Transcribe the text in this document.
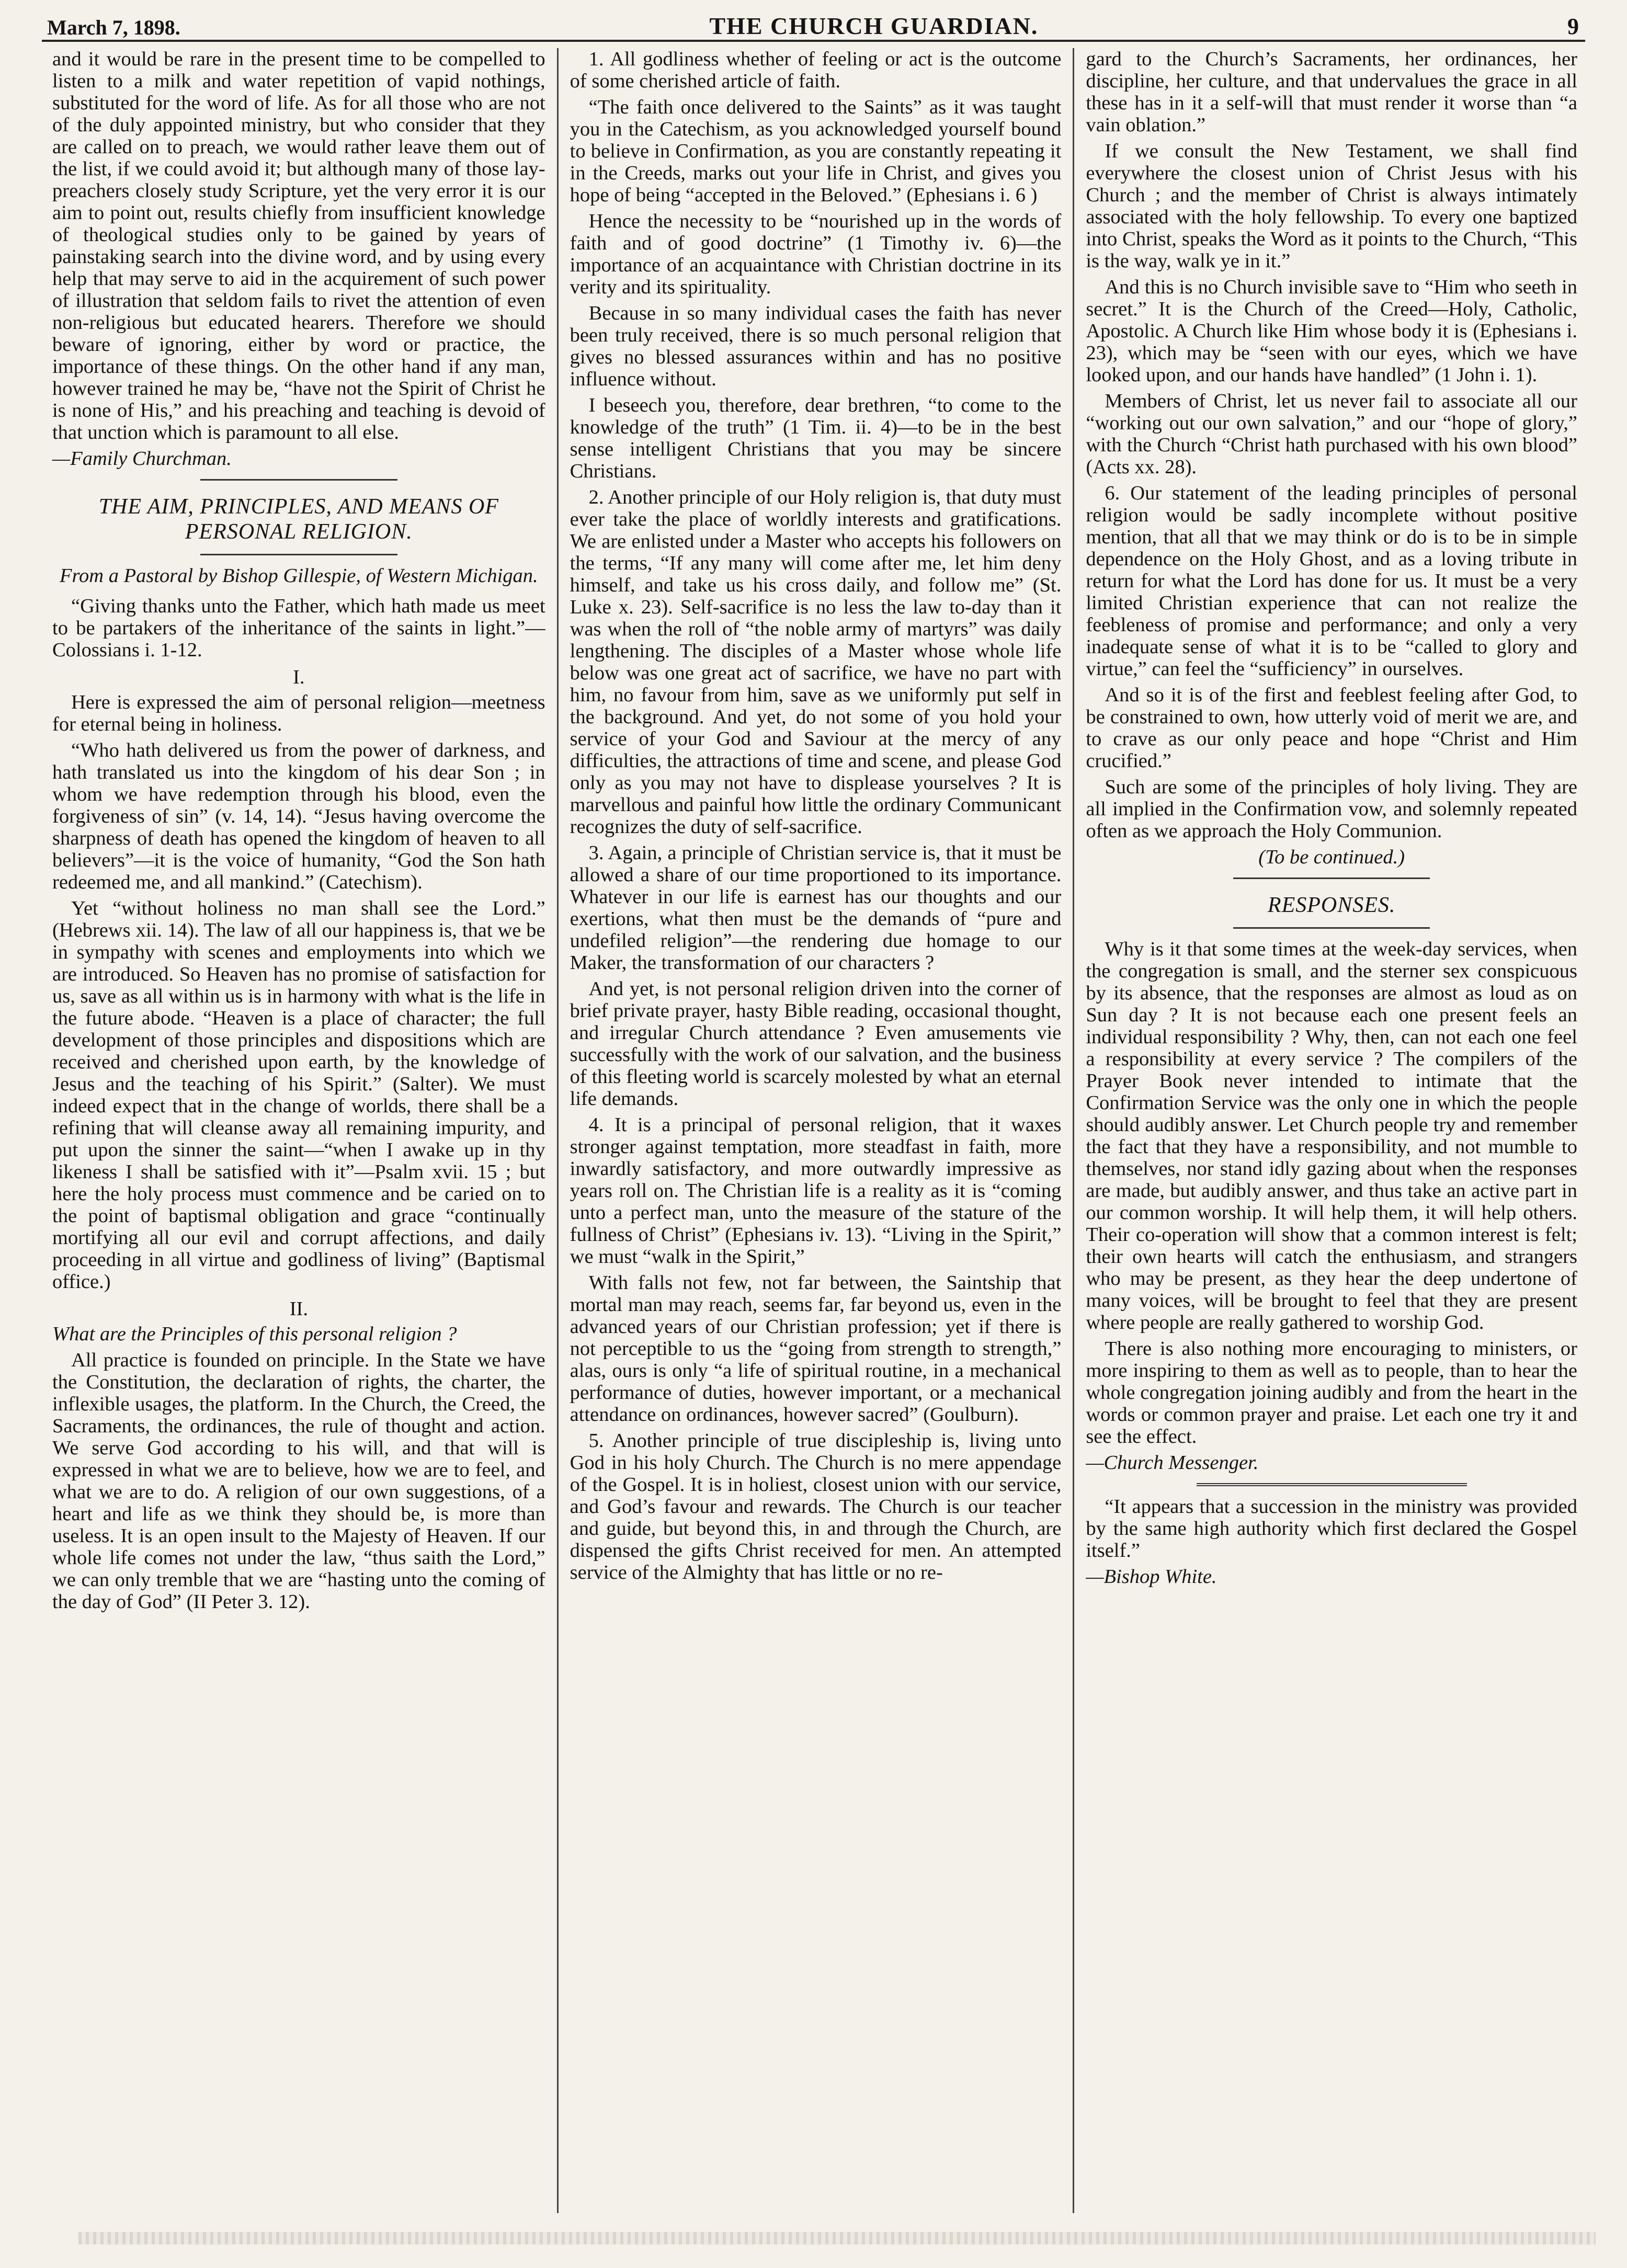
March 7, 1898.	THE CHURCH GUARDIAN.	9

and it would be rare in the present time to be compelled to listen to a milk and water repetition of vapid nothings, substituted for the word of life. As for all those who are not of the duly appointed ministry, but who consider that they are called on to preach, we would rather leave them out of the list, if we could avoid it; but although many of those lay-preachers closely study Scripture, yet the very error it is our aim to point out, results chiefly from insufficient knowledge of theological studies only to be gained by years of painstaking search into the divine word, and by using every help that may serve to aid in the acquirement of such power of illustration that seldom fails to rivet the attention of even non-religious but educated hearers. Therefore we should beware of ignoring, either by word or practice, the importance of these things. On the other hand if any man, however trained he may be, “have not the Spirit of Christ he is none of His,” and his preaching and teaching is devoid of that unction which is paramount to all else.

—Family Churchman.

THE AIM, PRINCIPLES, AND MEANS OF PERSONAL RELIGION.

From a Pastoral by Bishop Gillespie, of Western Michigan.

“Giving thanks unto the Father, which hath made us meet to be partakers of the inheritance of the saints in light.”—Colossians i. 1-12.

I.

Here is expressed the aim of personal religion—meetness for eternal being in holiness.

“Who hath delivered us from the power of darkness, and hath translated us into the kingdom of his dear Son ; in whom we have redemption through his blood, even the forgiveness of sin” (v. 14, 14). “Jesus having overcome the sharpness of death has opened the kingdom of heaven to all believers”—it is the voice of humanity, “God the Son hath redeemed me, and all mankind.” (Catechism).

Yet “without holiness no man shall see the Lord.” (Hebrews xii. 14). The law of all our happiness is, that we be in sympathy with scenes and employments into which we are introduced. So Heaven has no promise of satisfaction for us, save as all within us is in harmony with what is the life in the future abode. “Heaven is a place of character; the full development of those principles and dispositions which are received and cherished upon earth, by the knowledge of Jesus and the teaching of his Spirit.” (Salter). We must indeed expect that in the change of worlds, there shall be a refining that will cleanse away all remaining impurity, and put upon the sinner the saint—“when I awake up in thy likeness I shall be satisfied with it”—Psalm xvii. 15 ; but here the holy process must commence and be caried on to the point of baptismal obligation and grace “continually mortifying all our evil and corrupt affections, and daily proceeding in all virtue and godliness of living” (Baptismal office.)

II.

What are the Principles of this personal religion ?

All practice is founded on principle. In the State we have the Constitution, the declaration of rights, the charter, the inflexible usages, the platform. In the Church, the Creed, the Sacraments, the ordinances, the rule of thought and action. We serve God according to his will, and that will is expressed in what we are to believe, how we are to feel, and what we are to do. A religion of our own suggestions, of a heart and life as we think they should be, is more than useless. It is an open insult to the Majesty of Heaven. If our whole life comes not under the law, “thus saith the Lord,” we can only tremble that we are “hasting unto the coming of the day of God” (II Peter 3. 12).

1. All godliness whether of feeling or act is the outcome of some cherished article of faith.

“The faith once delivered to the Saints” as it was taught you in the Catechism, as you acknowledged yourself bound to believe in Confirmation, as you are constantly repeating it in the Creeds, marks out your life in Christ, and gives you hope of being “accepted in the Beloved.” (Ephesians i. 6 )

Hence the necessity to be “nourished up in the words of faith and of good doctrine” (1 Timothy iv. 6)—the importance of an acquaintance with Christian doctrine in its verity and its spirituality.

Because in so many individual cases the faith has never been truly received, there is so much personal religion that gives no blessed assurances within and has no positive influence without.

I beseech you, therefore, dear brethren, “to come to the knowledge of the truth” (1 Tim. ii. 4)—to be in the best sense intelligent Christians that you may be sincere Christians.

2. Another principle of our Holy religion is, that duty must ever take the place of worldly interests and gratifications. We are enlisted under a Master who accepts his followers on the terms, “If any many will come after me, let him deny himself, and take us his cross daily, and follow me” (St. Luke x. 23). Self-sacrifice is no less the law to-day than it was when the roll of “the noble army of martyrs” was daily lengthening. The disciples of a Master whose whole life below was one great act of sacrifice, we have no part with him, no favour from him, save as we uniformly put self in the background. And yet, do not some of you hold your service of your God and Saviour at the mercy of any difficulties, the attractions of time and scene, and please God only as you may not have to displease yourselves ? It is marvellous and painful how little the ordinary Communicant recognizes the duty of self-sacrifice.

3. Again, a principle of Christian service is, that it must be allowed a share of our time proportioned to its importance. Whatever in our life is earnest has our thoughts and our exertions, what then must be the demands of “pure and undefiled religion”—the rendering due homage to our Maker, the transformation of our characters ?

And yet, is not personal religion driven into the corner of brief private prayer, hasty Bible reading, occasional thought, and irregular Church attendance ? Even amusements vie successfully with the work of our salvation, and the business of this fleeting world is scarcely molested by what an eternal life demands.

4. It is a principal of personal religion, that it waxes stronger against temptation, more steadfast in faith, more inwardly satisfactory, and more outwardly impressive as years roll on. The Christian life is a reality as it is “coming unto a perfect man, unto the measure of the stature of the fullness of Christ” (Ephesians iv. 13). “Living in the Spirit,” we must “walk in the Spirit,”

With falls not few, not far between, the Saintship that mortal man may reach, seems far, far beyond us, even in the advanced years of our Christian profession; yet if there is not perceptible to us the “going from strength to strength,” alas, ours is only “a life of spiritual routine, in a mechanical performance of duties, however important, or a mechanical attendance on ordinances, however sacred” (Goulburn).

5. Another principle of true discipleship is, living unto God in his holy Church. The Church is no mere appendage of the Gospel. It is in holiest, closest union with our service, and God’s favour and rewards. The Church is our teacher and guide, but beyond this, in and through the Church, are dispensed the gifts Christ received for men. An attempted service of the Almighty that has little or no re-

gard to the Church’s Sacraments, her ordinances, her discipline, her culture, and that undervalues the grace in all these has in it a self-will that must render it worse than “a vain oblation.”

If we consult the New Testament, we shall find everywhere the closest union of Christ Jesus with his Church ; and the member of Christ is always intimately associated with the holy fellowship. To every one baptized into Christ, speaks the Word as it points to the Church, “This is the way, walk ye in it.”

And this is no Church invisible save to “Him who seeth in secret.” It is the Church of the Creed—Holy, Catholic, Apostolic. A Church like Him whose body it is (Ephesians i. 23), which may be “seen with our eyes, which we have looked upon, and our hands have handled” (1 John i. 1).

Members of Christ, let us never fail to associate all our “working out our own salvation,” and our “hope of glory,” with the Church “Christ hath purchased with his own blood” (Acts xx. 28).

6. Our statement of the leading principles of personal religion would be sadly incomplete without positive mention, that all that we may think or do is to be in simple dependence on the Holy Ghost, and as a loving tribute in return for what the Lord has done for us. It must be a very limited Christian experience that can not realize the feebleness of promise and performance; and only a very inadequate sense of what it is to be “called to glory and virtue,” can feel the “sufficiency” in ourselves.

And so it is of the first and feeblest feeling after God, to be constrained to own, how utterly void of merit we are, and to crave as our only peace and hope “Christ and Him crucified.”

Such are some of the principles of holy living. They are all implied in the Confirmation vow, and solemnly repeated often as we approach the Holy Communion.

(To be continued.)

RESPONSES.

Why is it that some times at the week-day services, when the congregation is small, and the sterner sex conspicuous by its absence, that the responses are almost as loud as on Sun day ? It is not because each one present feels an individual responsibility ? Why, then, can not each one feel a responsibility at every service ? The compilers of the Prayer Book never intended to intimate that the Confirmation Service was the only one in which the people should audibly answer. Let Church people try and remember the fact that they have a responsibility, and not mumble to themselves, nor stand idly gazing about when the responses are made, but audibly answer, and thus take an active part in our common worship. It will help them, it will help others. Their co-operation will show that a common interest is felt; their own hearts will catch the enthusiasm, and strangers who may be present, as they hear the deep undertone of many voices, will be brought to feel that they are present where people are really gathered to worship God.

There is also nothing more encouraging to ministers, or more inspiring to them as well as to people, than to hear the whole congregation joining audibly and from the heart in the words or common prayer and praise. Let each one try it and see the effect.

—Church Messenger.

“It appears that a succession in the ministry was provided by the same high authority which first declared the Gospel itself.”

—Bishop White.
